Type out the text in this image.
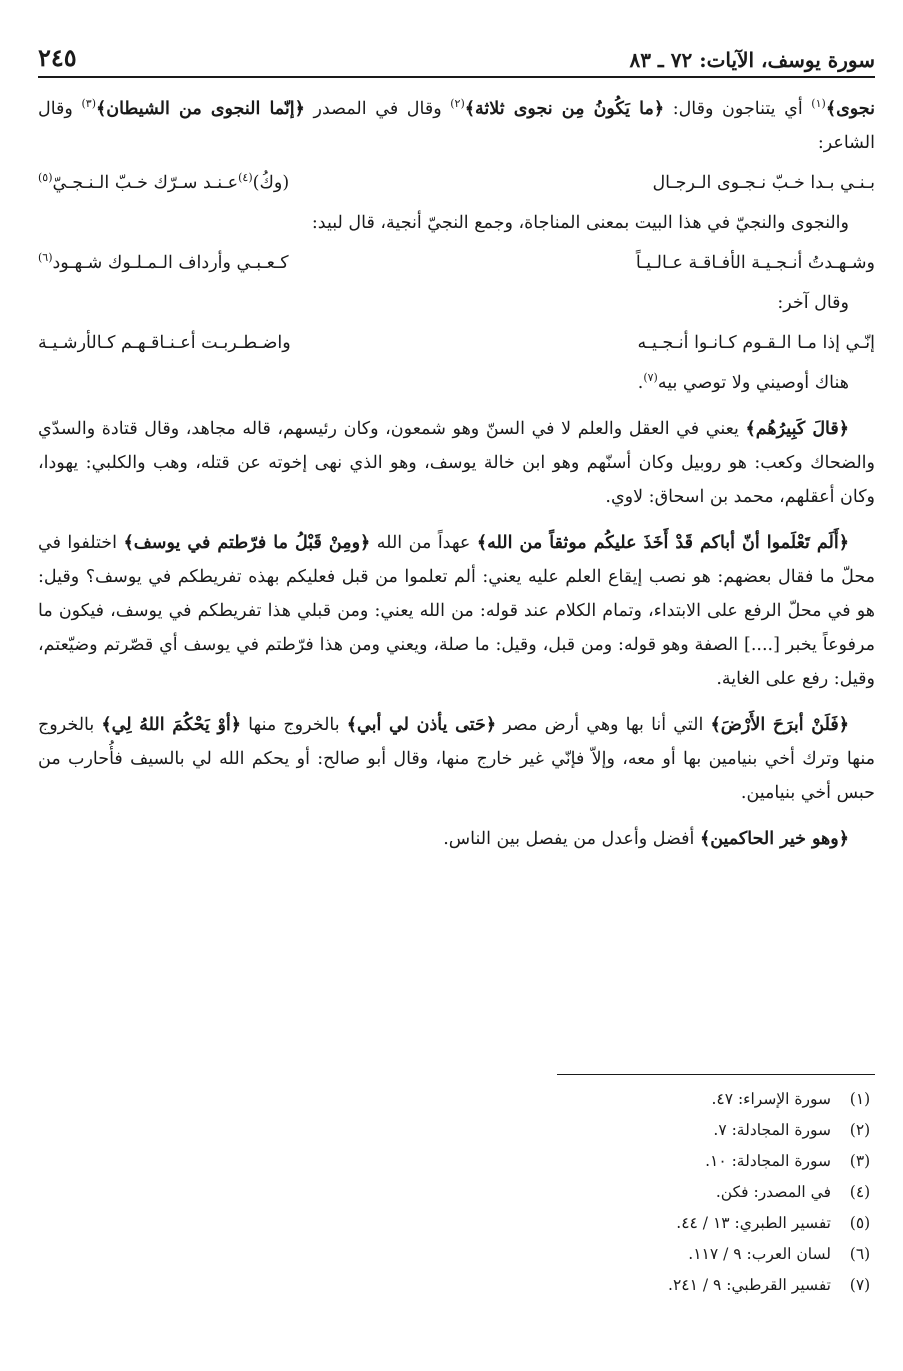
سورة يوسف، الآيات: ٧٢ ـ ٨٣
٢٤٥

نجوى﴾$^{(١)}$ أي يتناجون وقال: ﴿ما يَكُونُ مِن نجوى ثلاثة﴾$^{(٢)}$ وقال في المصدر ﴿إنّما النجوى من الشيطان﴾$^{(٣)}$ وقال الشاعر:

بـنـي بـدا خـبّ نـجـوى الـرجـال
(وكُ)$^{(٤)}$عـنـد سـرّك خـبّ الـنـجـيّ$^{(٥)}$

والنجوى والنجيّ في هذا البيت بمعنى المناجاة، وجمع النجيّ أنجية، قال لبيد:

وشـهـدتُ أنـجـيـة الأفـاقـة عـالـيـاً
كـعـبـي وأرداف الـمـلـوك شـهـود$^{(٦)}$

وقال آخر:

إنّـي إذا مـا الـقـوم كـانـوا أنـجـيـه
واضـطـربـت أعـنـاقـهـم كـالأرشـيـة

هناك أوصيني ولا توصي بيه$^{(٧)}$.

﴿قالَ كَبِيرُهُم﴾ يعني في العقل والعلم لا في السنّ وهو شمعون، وكان رئيسهم، قاله مجاهد، وقال قتادة والسدّي والضحاك وكعب: هو روبيل وكان أسنّهم وهو ابن خالة يوسف، وهو الذي نهى إخوته عن قتله، وهب والكلبي: يهودا، وكان أعقلهم، محمد بن اسحاق: لاوي.

﴿أَلَم تَعْلَموا أنّ أباكم قَدْ أَخَذَ عليكُم موثقاً من الله﴾ عهداً من الله ﴿ومِنْ قَبْلُ ما فرّطتم في يوسف﴾ اختلفوا في محلّ ما فقال بعضهم: هو نصب إيقاع العلم عليه يعني: ألم تعلموا من قبل فعليكم بهذه تفريطكم في يوسف؟ وقيل: هو في محلّ الرفع على الابتداء، وتمام الكلام عند قوله: من الله يعني: ومن قبلي هذا تفريطكم في يوسف، فيكون ما مرفوعاً يخبر [....] الصفة وهو قوله: ومن قبل، وقيل: ما صلة، ويعني ومن هذا فرّطتم في يوسف أي قصّرتم وضيّعتم، وقيل: رفع على الغاية.

﴿فَلَنْ أبرَحَ الأَرْضَ﴾ التي أنا بها وهي أرض مصر ﴿حَتى يأذن لي أبي﴾ بالخروج منها ﴿أوْ يَحْكُمَ اللهُ لِي﴾ بالخروج منها وترك أخي بنيامين بها أو معه، وإلاّ فإنّي غير خارج منها، وقال أبو صالح: أو يحكم الله لي بالسيف فأُحارب من حبس أخي بنيامين.

﴿وهو خير الحاكمين﴾ أفضل وأعدل من يفصل بين الناس.

(١)
سورة الإسراء: ٤٧.
(٢)
سورة المجادلة: ٧.
(٣)
سورة المجادلة: ١٠.
(٤)
في المصدر: فكن.
(٥)
تفسير الطبري: ١٣ / ٤٤.
(٦)
لسان العرب: ٩ / ١١٧.
(٧)
تفسير القرطبي: ٩ / ٢٤١.
